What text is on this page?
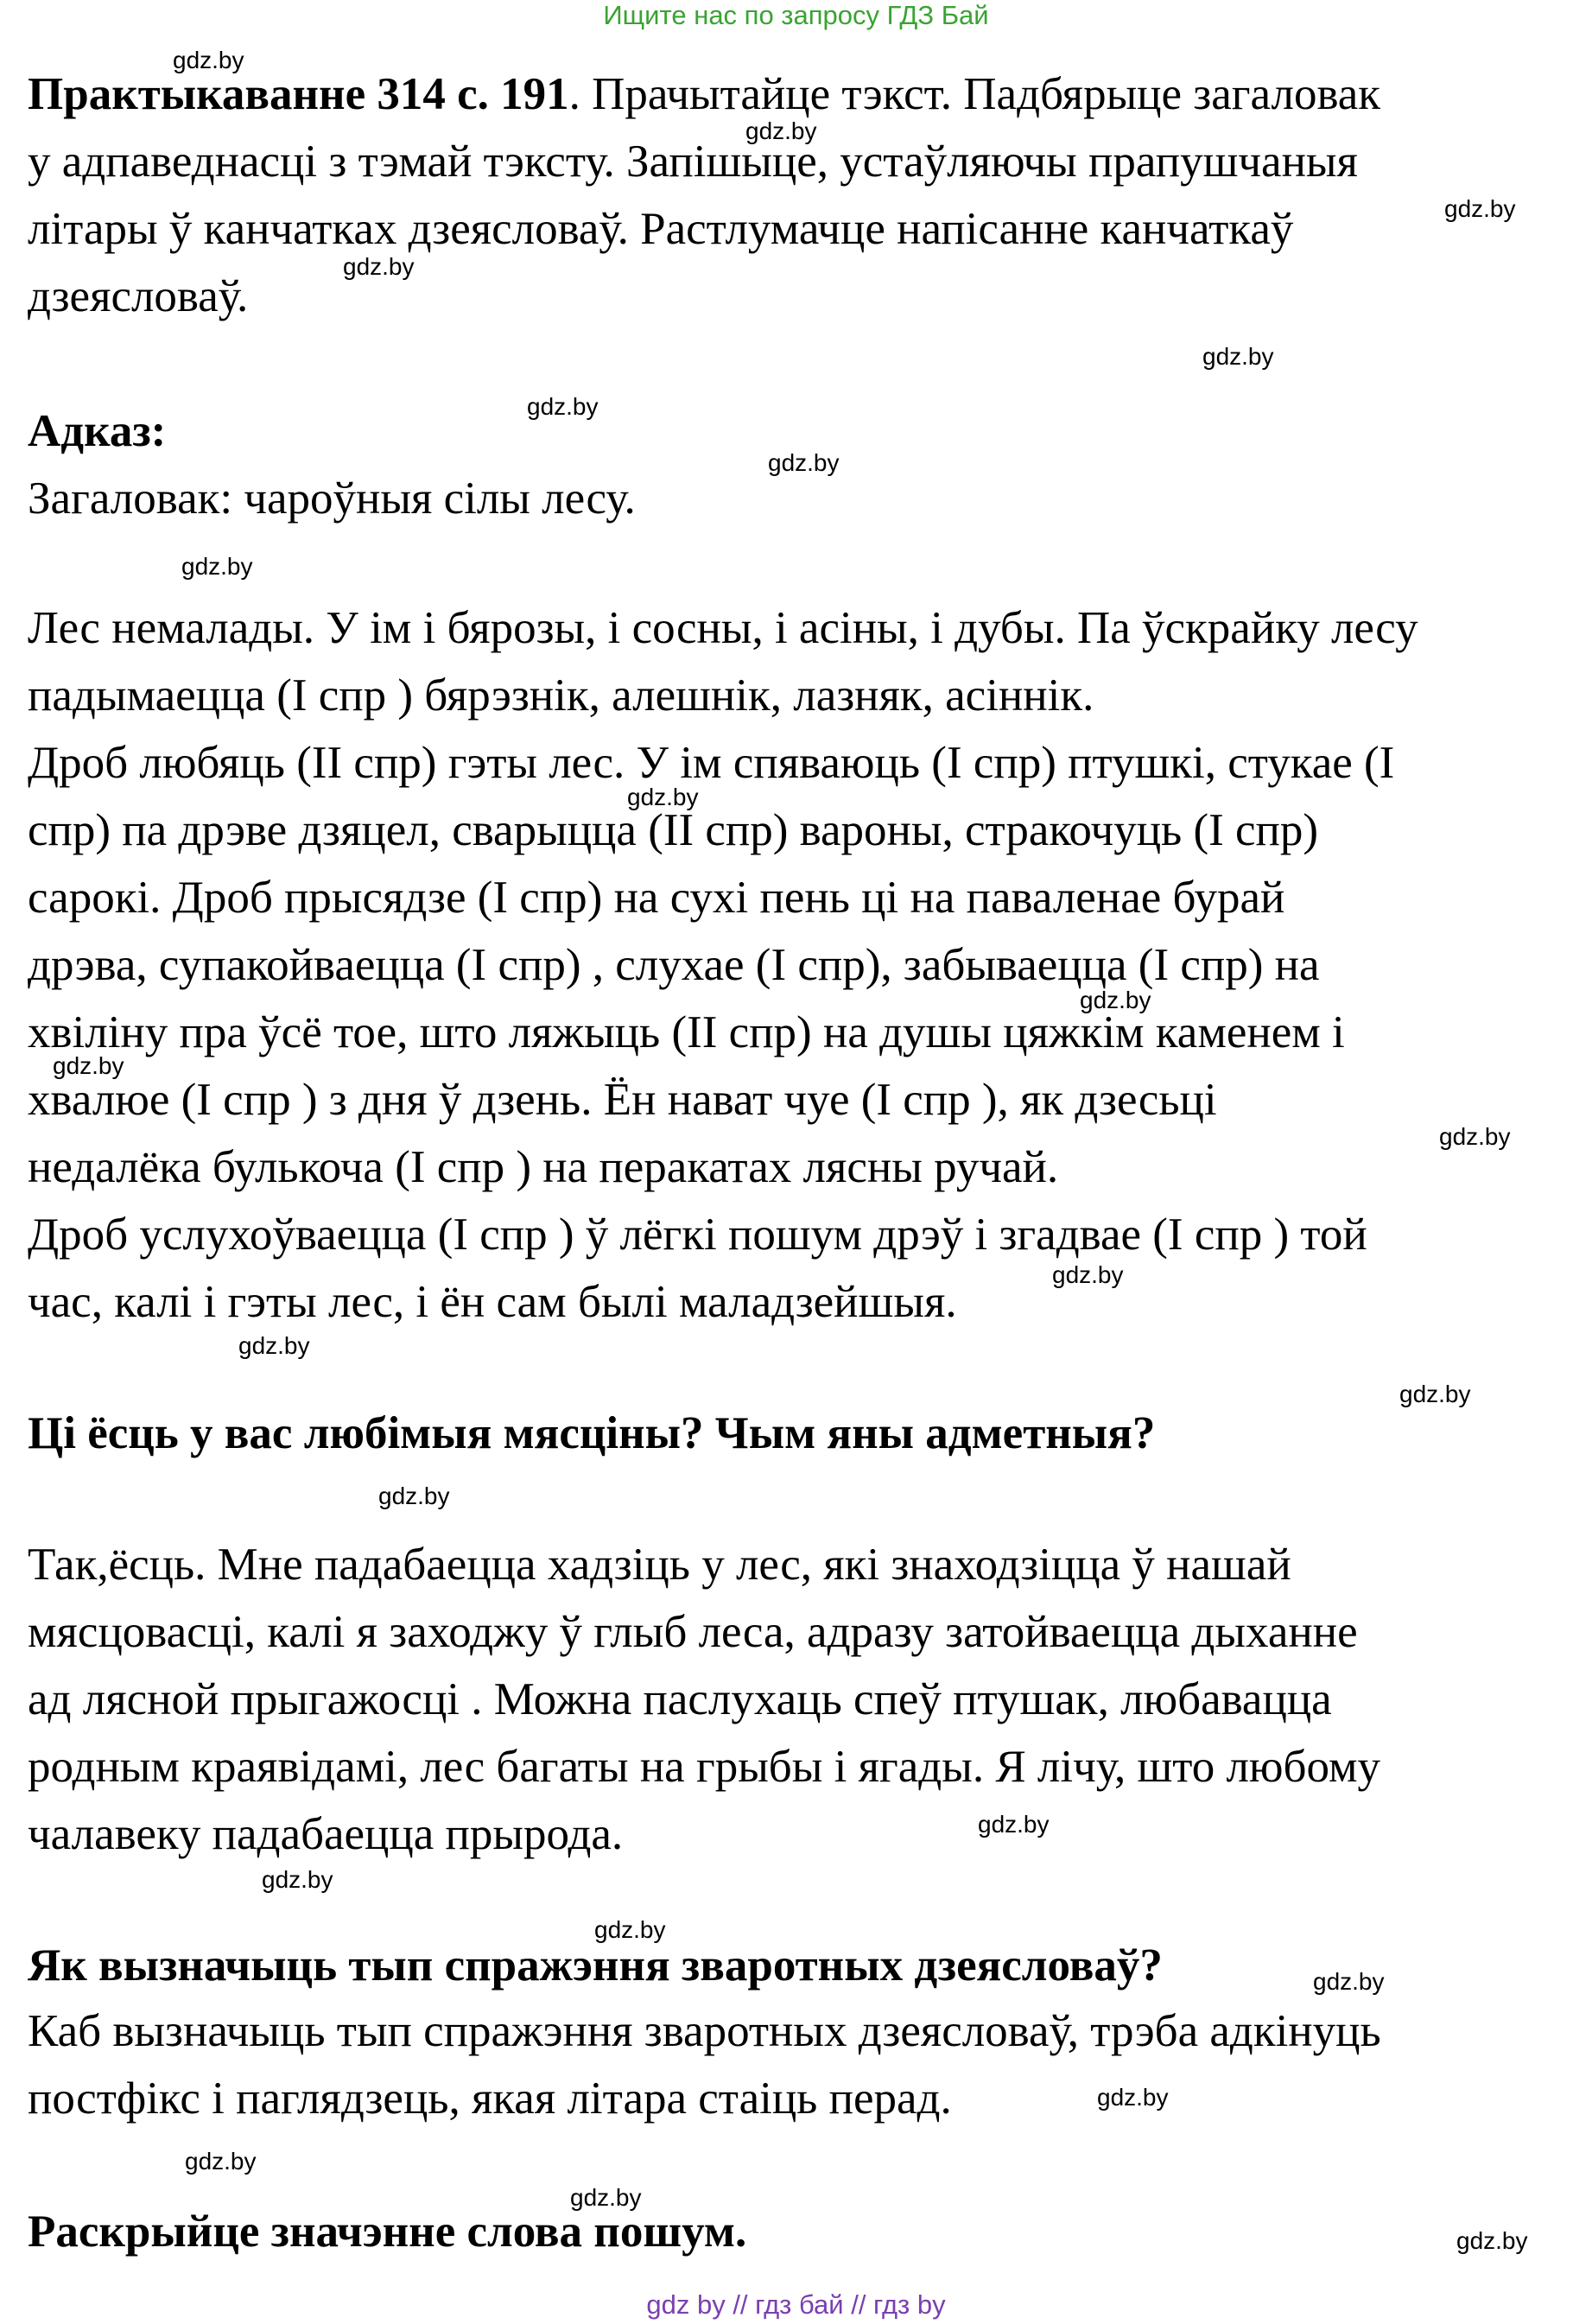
Ищите нас по запросу ГДЗ Бай

Практыкаванне 314 с. 191. Прачытайце тэкст. Падбярыце загаловак

у адпаведнасці з тэмай тэксту. Запішыце, устаўляючы прапушчаныя

літары ў канчатках дзеясловаў. Растлумачце напісанне канчаткаў

дзеясловаў.

Адказ:

Загаловак: чароўныя сілы лесу.

Лес немалады. У ім і бярозы, і сосны, і асіны, і дубы. Па ўскрайку лесу

падымаецца (I спр ) бярэзнік, алешнік, лазняк, асіннік.

Дроб любяць (II спр) гэты лес. У ім спяваюць (I спр) птушкі, стукае (I

спр) па дрэве дзяцел, сварыцца (II спр) вароны, стракочуць (I спр)

сарокі. Дроб прысядзе (I спр) на сухі пень ці на паваленае бурай

дрэва, супакойваецца (I спр) , слухае (I спр), забываецца (I спр) на

хвіліну пра ўсё тое, што ляжыць (II спр) на душы цяжкім каменем і

хвалюе (I спр ) з дня ў дзень. Ён нават чуе (I спр ), як дзесьці

недалёка булькоча (I спр ) на перакатах лясны ручай.

Дроб услухоўваецца (I спр ) ў лёгкі пошум дрэў і згадвае (I спр ) той

час, калі і гэты лес, і ён сам былі маладзейшыя.

Ці ёсць у вас любімыя мясціны? Чым яны адметныя?

Так,ёсць. Мне падабаецца хадзіць у лес, які знаходзіцца ў нашай

мясцовасці, калі я заходжу ў глыб леса, адразу затойваецца дыханне

ад лясной прыгажосці . Можна паслухаць спеў птушак, любавацца

родным краявідамі, лес багаты на грыбы і ягады. Я лічу, што любому

чалавеку падабаецца прырода.

Як вызначыць тып спражэння зваротных дзеясловаў?

Каб вызначыць тып спражэння зваротных дзеясловаў, трэба адкінуць

постфікс і паглядзець, якая літара стаіць перад.

Раскрыйце значэнне слова пошум.

gdz.by
gdz.by
gdz.by
gdz.by
gdz.by
gdz.by
gdz.by
gdz.by
gdz.by
gdz.by
gdz.by
gdz.by
gdz.by
gdz.by
gdz.by
gdz.by
gdz.by
gdz.by
gdz.by
gdz.by
gdz.by
gdz.by
gdz.by
gdz.by
gdz by // гдз бай // гдз by
